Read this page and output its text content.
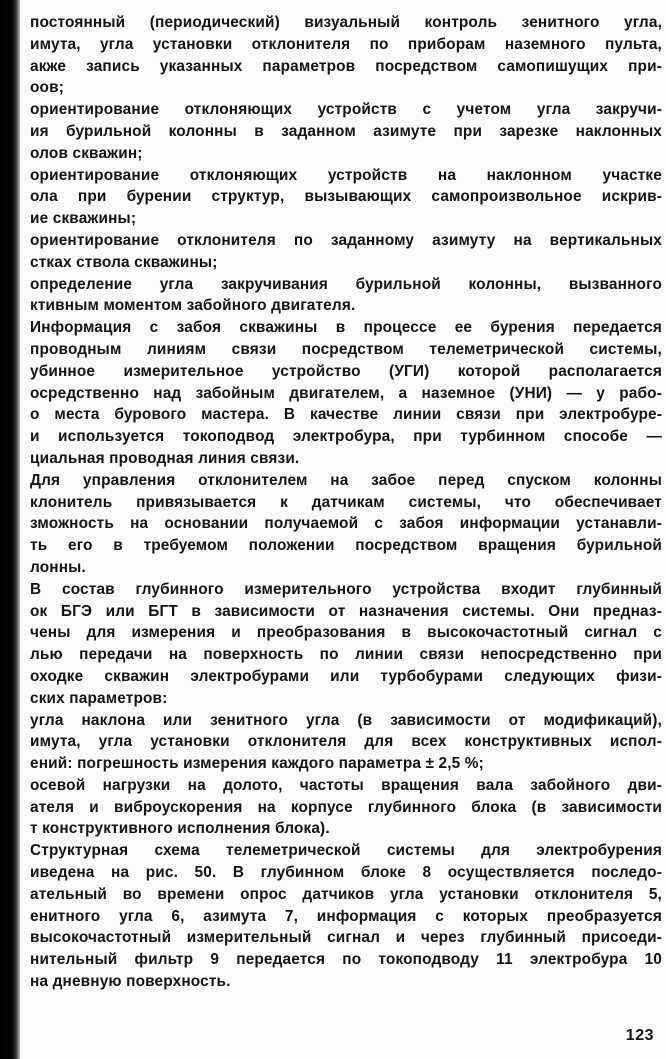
постоянный (периодический) визуальный контроль зенитного угла,
имута, угла установки отклонителя по приборам наземного пульта,
акже запись указанных параметров посредством самопишущих при-
оов;
ориентирование отклоняющих устройств с учетом угла закручи-
ия бурильной колонны в заданном азимуте при зарезке наклонных
олов скважин;
ориентирование отклоняющих устройств на наклонном участке
ола при бурении структур, вызывающих самопроизвольное искрив-
ие скважины;
ориентирование отклонителя по заданному азимуту на вертикальных
стках ствола скважины;
определение угла закручивания бурильной колонны, вызванного
ктивным моментом забойного двигателя.
Информация с забоя скважины в процессе ее бурения передается
проводным линиям связи посредством телеметрической системы,
убинное измерительное устройство (УГИ) которой располагается
осредственно над забойным двигателем, а наземное (УНИ) — у рабо-
о места бурового мастера. В качестве линии связи при электробуре-
и используется токоподвод электробура, при турбинном способе —
циальная проводная линия связи.
Для управления отклонителем на забое перед спуском колонны
клонитель привязывается к датчикам системы, что обеспечивает
зможность на основании получаемой с забоя информации устанавли-
ть его в требуемом положении посредством вращения бурильной
лонны.
В состав глубинного измерительного устройства входит глубинный
ок БГЭ или БГТ в зависимости от назначения системы. Они предназ-
чены для измерения и преобразования в высокочастотный сигнал с
лью передачи на поверхность по линии связи непосредственно при
оходке скважин электробурами или турбобурами следующих физи-
ских параметров:
угла наклона или зенитного угла (в зависимости от модификаций),
имута, угла установки отклонителя для всех конструктивных испол-
ений: погрешность измерения каждого параметра ± 2,5 %;
осевой нагрузки на долото, частоты вращения вала забойного дви-
ателя и виброускорения на корпусе глубинного блока (в зависимости
т конструктивного исполнения блока).
Структурная схема телеметрической системы для электробурения
иведена на рис. 50. В глубинном блоке 8 осуществляется последо-
ательный во времени опрос датчиков угла установки отклонителя 5,
енитного угла 6, азимута 7, информация с которых преобразуется
высокочастотный измерительный сигнал и через глубинный присоеди-
нительный фильтр 9 передается по токоподводу 11 электробура 10
на дневную поверхность.
123
